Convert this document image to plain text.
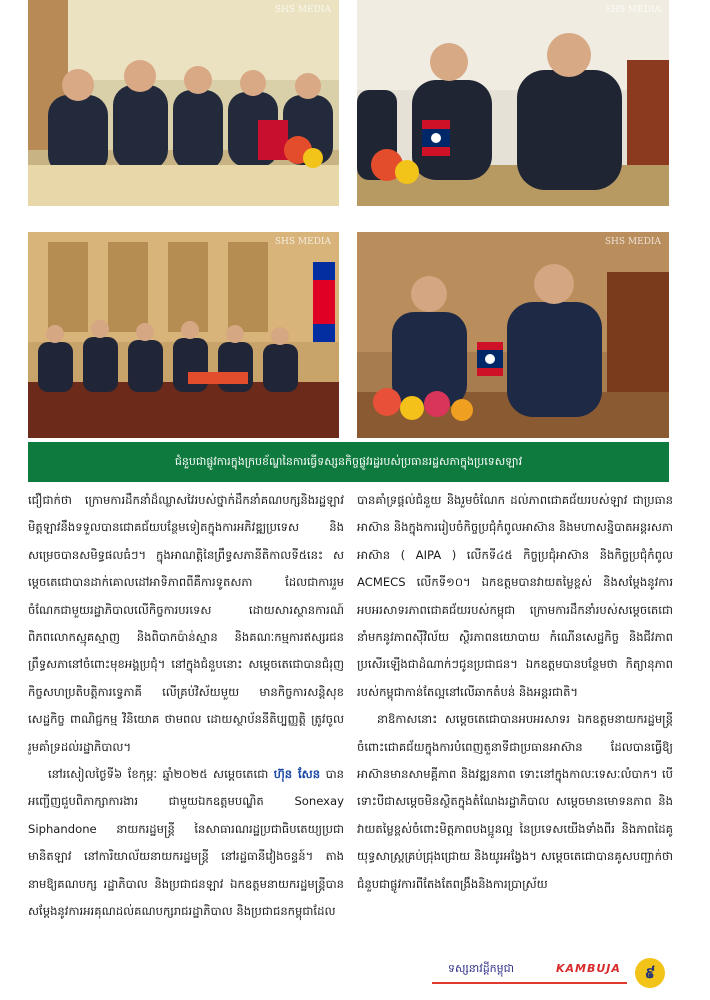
SHS MEDIA	SHS MEDIA
SHS MEDIA	SHS MEDIA
ជំនួបជាផ្លូវការក្នុងក្របខ័ណ្ឌនៃការធ្វើទស្សនកិច្ចផ្លូវរដ្ឋរបស់ប្រធានរដ្ឋសភាក្នុងប្រទេសឡាវ

ជឿជាក់ថា ក្រោមការដឹកនាំដ៏ឈ្លាសវៃរបស់ថ្នាក់ដឹកនាំគណបក្សនិងរដ្ឋឡាវ មិត្តឡាវនឹងទទួលបានជោគជ័យបន្ថែមទៀតក្នុងការអភិវឌ្ឍប្រទេស និងសម្រេចបានសមិទ្ធផលធំៗ។ ក្នុងអាណត្តិនៃព្រឹទ្ធសភានីតិកាលទី៥នេះ សម្តេចតេជោបានដាក់គោលដៅអាទិភាពពីគឺការទូតសភា ដែលជាការរួមចំណែកជាមួយរដ្ឋាភិបាលលើកិច្ចការបរទេស ដោយសារស្ថានការណ៍ពិភពលោកស្មុគស្មាញ និងពិបាកប៉ាន់ស្មាន និងគណៈកម្មការឥស្សរជនព្រឹទ្ធសភានៅចំពោះមុខអង្គប្រជុំ។ នៅក្នុងជំនួបនោះ សម្តេចតេជោបានជំរុញកិច្ចសហប្រតិបត្តិការទ្វេភាគី លើគ្រប់វិស័យមួយ មានកិច្ចការសន្តិសុខ សេដ្ឋកិច្ច ពាណិជ្ជកម្ម វិនិយោគ ថាមពល ដោយស្ថាប័ននីតិប្បញ្ញត្តិ ត្រូវចូលរួមគាំទ្រដល់រដ្ឋាភិបាល។

នៅរសៀលថ្ងៃទី៦ ខែកុម្ភៈ ឆ្នាំ២០២៥ សម្តេចតេជោ ហ៊ុន សែន បានអញ្ជើញជួបពិភាក្សាការងារ ជាមួយឯកឧត្តមបណ្ឌិត Sonexay Siphandone នាយករដ្ឋមន្ត្រី នៃសាធារណរដ្ឋប្រជាធិបតេយ្យប្រជាមានិតឡាវ នៅការិយាល័យនាយករដ្ឋមន្ត្រី នៅរដ្ឋធានីវៀងចន្ទន៍។ តាងនាមឱ្យគណបក្ស រដ្ឋាភិបាល និងប្រជាជនឡាវ ឯកឧត្តមនាយករដ្ឋមន្ត្រីបានសម្តែងនូវការអរគុណដល់គណបក្សរាជរដ្ឋាភិបាល និងប្រជាជនកម្ពុជាដែល

បានគាំទ្រផ្តល់ជំនួយ និងរួមចំណែក ដល់ភាពជោគជ័យរបស់ឡាវ ជាប្រធានអាស៊ាន និងក្នុងការរៀបចំកិច្ចប្រជុំកំពូលអាស៊ាន និងមហាសន្និបាតអន្តរសភាអាស៊ាន ( AIPA ) លើកទី៤៥ កិច្ចប្រជុំអាស៊ាន និងកិច្ចប្រជុំកំពូល ACMECS លើកទី១០។ ឯកឧត្តមបានវាយតម្លៃខ្ពស់ និងសម្តែងនូវការអបអរសាទរភាពជោគជ័យរបស់កម្ពុជា ក្រោមការដឹកនាំរបស់សម្តេចតេជោ នាំមកនូវភាពស៊ីវិល័យ ស្ថិរភាពនយោបាយ កំណើនសេដ្ឋកិច្ច និងជីវភាពប្រសើរឡើងជាដំណាក់ៗជូនប្រជាជន។ ឯកឧត្តមបានបន្ថែមថា កិត្យានុភាពរបស់កម្ពុជាកាន់តែល្អនៅលើឆាកតំបន់ និងអន្តរជាតិ។

នាឱកាសនោះ សម្តេចតេជោបានអបអរសាទរ ឯកឧត្តមនាយករដ្ឋមន្ត្រី ចំពោះជោគជ័យក្នុងការបំពេញតួនាទីជាប្រធានអាស៊ាន ដែលបានធ្វើឱ្យអាស៊ានមានសាមគ្គីភាព និងវឌ្ឍនភាព ទោះនៅក្នុងកាលៈទេសៈលំបាក។ បើទោះបីជាសម្តេចមិនស្ថិតក្នុងតំណែងរដ្ឋាភិបាល សម្តេចមានមោទនភាព និងវាយតម្លៃខ្ពស់ចំពោះមិត្តភាពបងប្អូនល្អ នៃប្រទេសយើងទាំងពីរ និងភាពដៃគូយុទ្ធសាស្ត្រគ្រប់ជ្រុងជ្រោយ និងយូរអង្វែង។ សម្តេចតេជោបានគូសបញ្ជាក់ថា ជំនួបជាផ្លូវការពីតែងតែពង្រឹងនិងការប្រាស្រ័យ

ទស្សនាវដ្ដីកម្ពុជា	KAMBUJA	៩
